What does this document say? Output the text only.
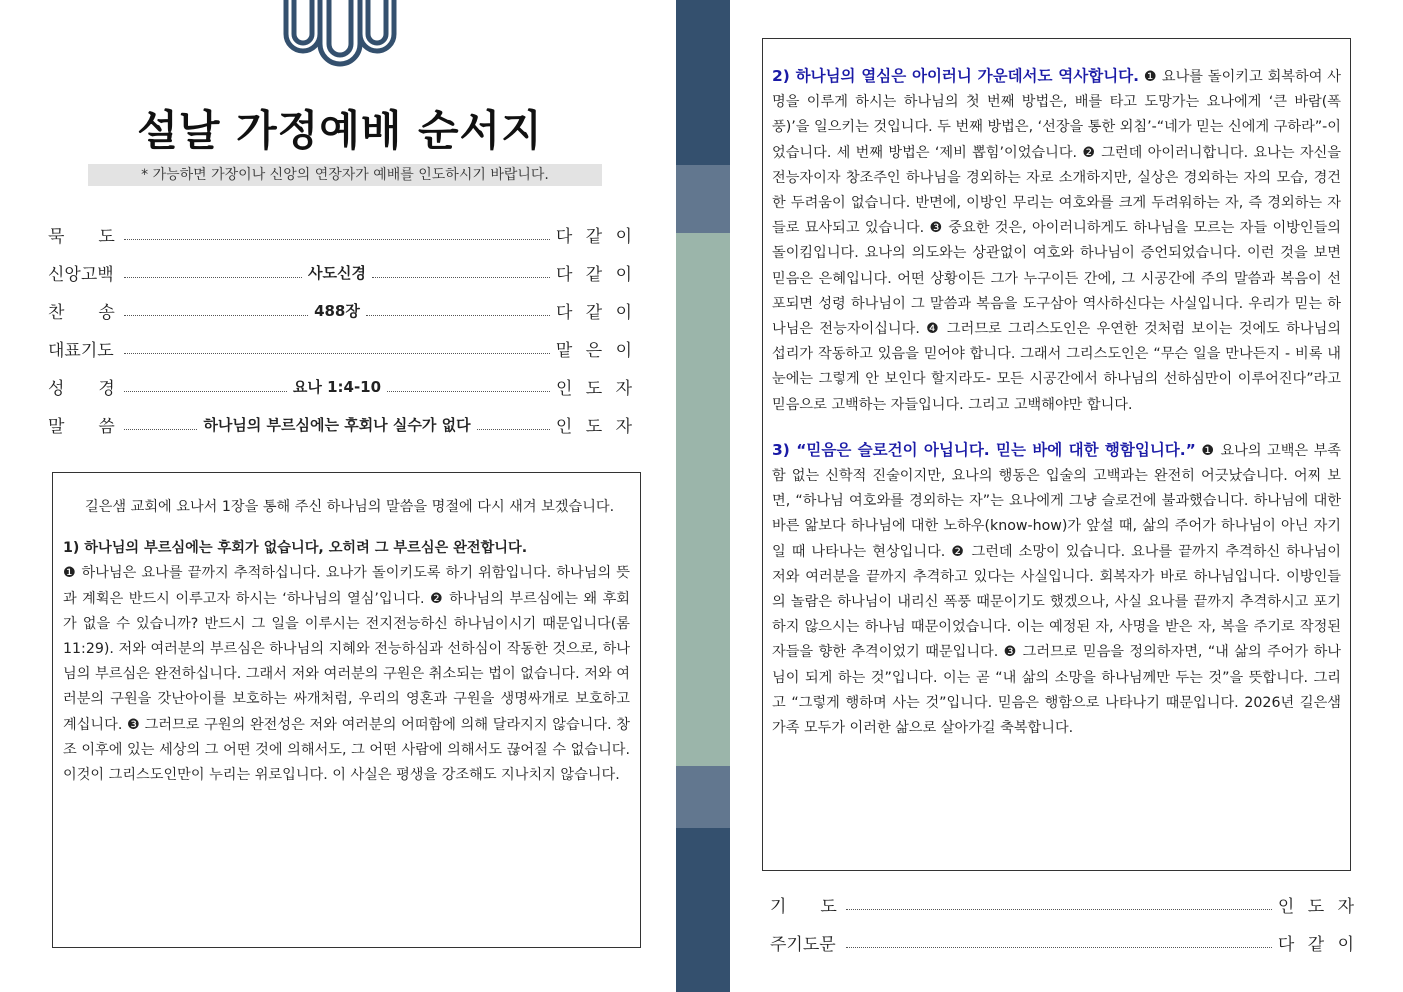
설날 가정예배 순서지
* 가능하면 가장이나 신앙의 연장자가 예배를 인도하시기 바랍니다.
묵　　도	다 같 이
신앙고백	사도신경	다 같 이
찬　　송	488장	다 같 이
대표기도	맡 은 이
성　　경	요나 1:4-10	인 도 자
말　　씀	하나님의 부르심에는 후회나 실수가 없다	인 도 자

길은샘 교회에 요나서 1장을 통해 주신 하나님의 말씀을 명절에 다시 새겨 보겠습니다.

1) 하나님의 부르심에는 후회가 없습니다, 오히려 그 부르심은 완전합니다.

❶ 하나님은 요나를 끝까지 추적하십니다. 요나가 돌이키도록 하기 위함입니다. 하나님의 뜻과 계획은 반드시 이루고자 하시는 ‘하나님의 열심’입니다. ❷ 하나님의 부르심에는 왜 후회가 없을 수 있습니까? 반드시 그 일을 이루시는 전지전능하신 하나님이시기 때문입니다(롬 11:29). 저와 여러분의 부르심은 하나님의 지혜와 전능하심과 선하심이 작동한 것으로, 하나님의 부르심은 완전하십니다. 그래서 저와 여러분의 구원은 취소되는 법이 없습니다. 저와 여러분의 구원을 갓난아이를 보호하는 싸개처럼, 우리의 영혼과 구원을 생명싸개로 보호하고 계십니다. ❸ 그러므로 구원의 완전성은 저와 여러분의 어떠함에 의해 달라지지 않습니다. 창조 이후에 있는 세상의 그 어떤 것에 의해서도, 그 어떤 사람에 의해서도 끊어질 수 없습니다. 이것이 그리스도인만이 누리는 위로입니다. 이 사실은 평생을 강조해도 지나치지 않습니다.

2) 하나님의 열심은 아이러니 가운데서도 역사합니다. ❶ 요나를 돌이키고 회복하여 사명을 이루게 하시는 하나님의 첫 번째 방법은, 배를 타고 도망가는 요나에게 ‘큰 바람(폭풍)’을 일으키는 것입니다. 두 번째 방법은, ‘선장을 통한 외침’-“네가 믿는 신에게 구하라”-이었습니다. 세 번째 방법은 ‘제비 뽑힘’이었습니다. ❷ 그런데 아이러니합니다. 요나는 자신을 전능자이자 창조주인 하나님을 경외하는 자로 소개하지만, 실상은 경외하는 자의 모습, 경건한 두려움이 없습니다. 반면에, 이방인 무리는 여호와를 크게 두려워하는 자, 즉 경외하는 자들로 묘사되고 있습니다. ❸ 중요한 것은, 아이러니하게도 하나님을 모르는 자들 이방인들의 돌이킴입니다. 요나의 의도와는 상관없이 여호와 하나님이 증언되었습니다. 이런 것을 보면 믿음은 은혜입니다. 어떤 상황이든 그가 누구이든 간에, 그 시공간에 주의 말씀과 복음이 선포되면 성령 하나님이 그 말씀과 복음을 도구삼아 역사하신다는 사실입니다. 우리가 믿는 하나님은 전능자이십니다. ❹ 그러므로 그리스도인은 우연한 것처럼 보이는 것에도 하나님의 섭리가 작동하고 있음을 믿어야 합니다. 그래서 그리스도인은 “무슨 일을 만나든지 - 비록 내 눈에는 그렇게 안 보인다 할지라도- 모든 시공간에서 하나님의 선하심만이 이루어진다”라고 믿음으로 고백하는 자들입니다. 그리고 고백해야만 합니다.

3) “믿음은 슬로건이 아닙니다. 믿는 바에 대한 행함입니다.” ❶ 요나의 고백은 부족함 없는 신학적 진술이지만, 요나의 행동은 입술의 고백과는 완전히 어긋났습니다. 어찌 보면, “하나님 여호와를 경외하는 자”는 요나에게 그냥 슬로건에 불과했습니다. 하나님에 대한 바른 앎보다 하나님에 대한 노하우(know-how)가 앞설 때, 삶의 주어가 하나님이 아닌 자기일 때 나타나는 현상입니다. ❷ 그런데 소망이 있습니다. 요나를 끝까지 추격하신 하나님이 저와 여러분을 끝까지 추격하고 있다는 사실입니다. 회복자가 바로 하나님입니다. 이방인들의 놀람은 하나님이 내리신 폭풍 때문이기도 했겠으나, 사실 요나를 끝까지 추격하시고 포기하지 않으시는 하나님 때문이었습니다. 이는 예정된 자, 사명을 받은 자, 복을 주기로 작정된 자들을 향한 추격이었기 때문입니다. ❸ 그러므로 믿음을 정의하자면, “내 삶의 주어가 하나님이 되게 하는 것”입니다. 이는 곧 “내 삶의 소망을 하나님께만 두는 것”을 뜻합니다. 그리고 “그렇게 행하며 사는 것”입니다. 믿음은 행함으로 나타나기 때문입니다. 2026년 길은샘 가족 모두가 이러한 삶으로 살아가길 축복합니다.

기　　도	인 도 자
주기도문	다 같 이
